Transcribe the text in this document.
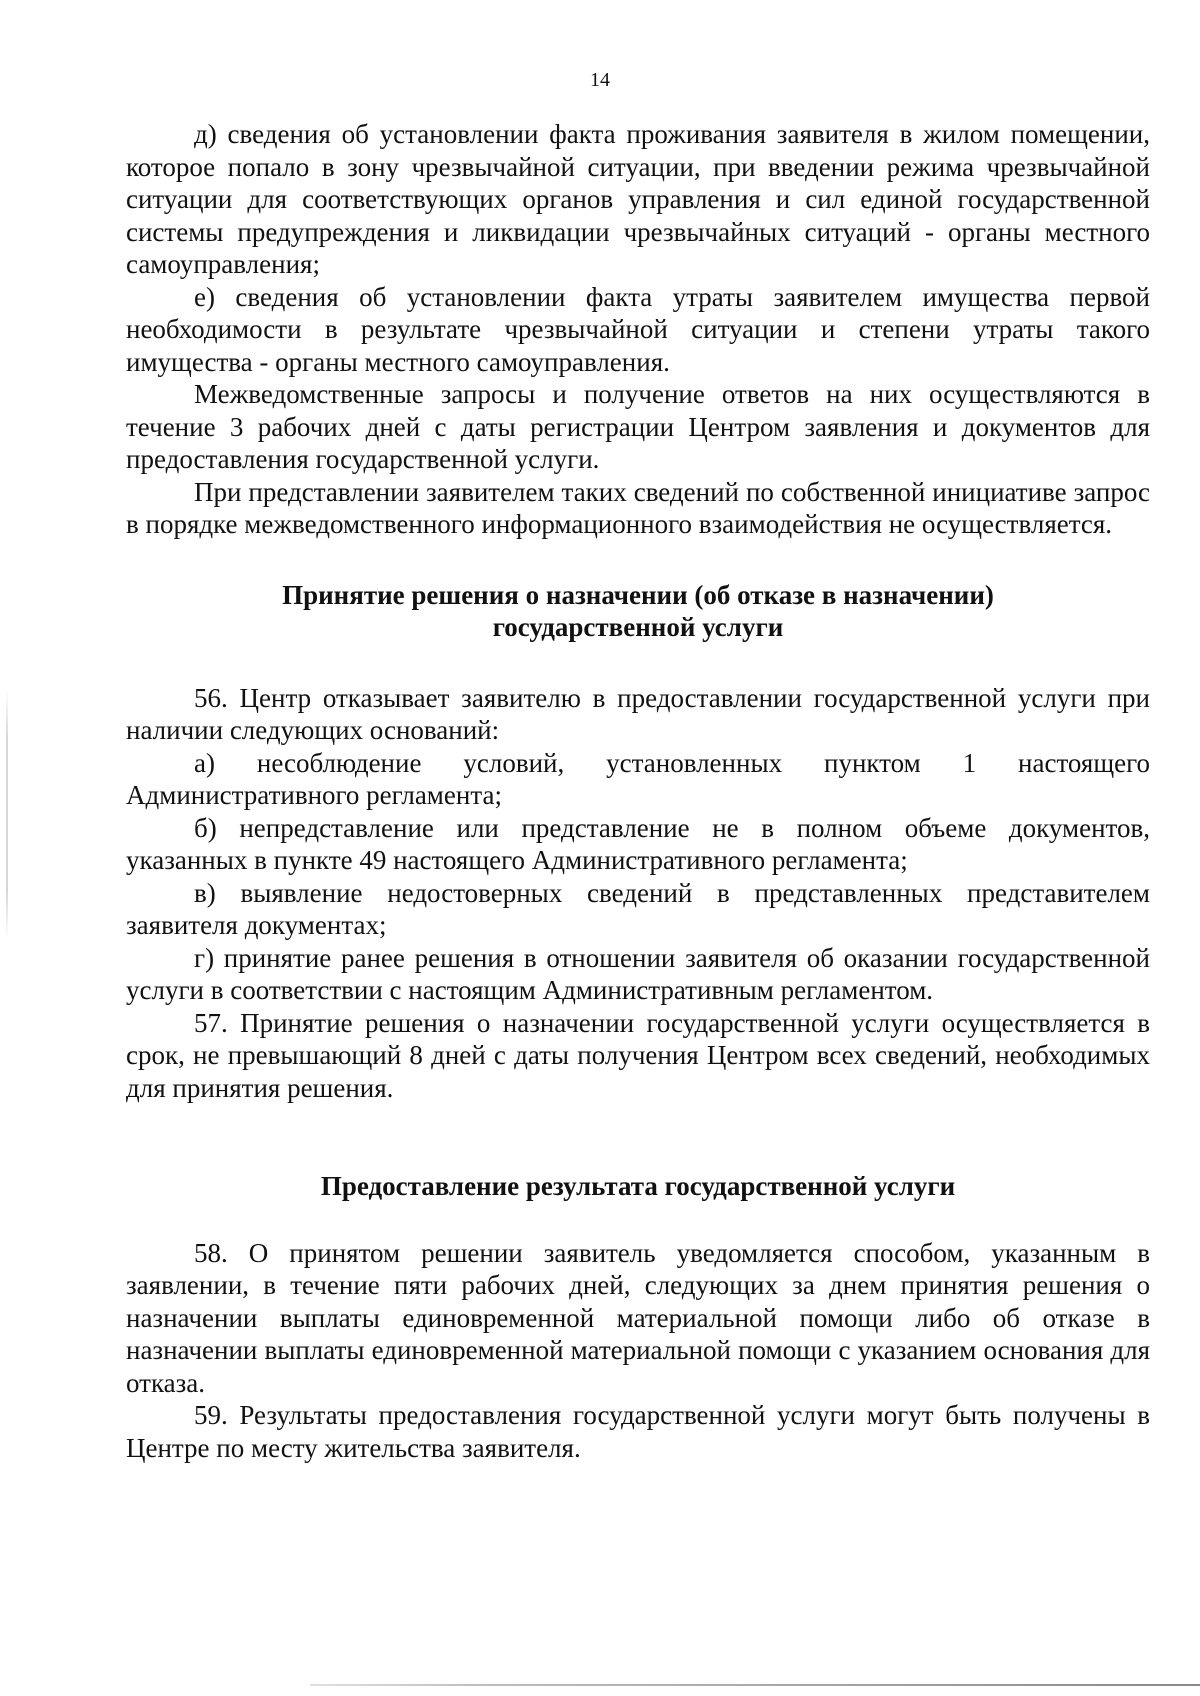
14

д) сведения об установлении факта проживания заявителя в жилом помещении, которое попало в зону чрезвычайной ситуации, при введении режима чрезвычайной ситуации для соответствующих органов управления и сил единой государственной системы предупреждения и ликвидации чрезвычайных ситуаций - органы местного самоуправления;

е) сведения об установлении факта утраты заявителем имущества первой необходимости в результате чрезвычайной ситуации и степени утраты такого имущества - органы местного самоуправления.

Межведомственные запросы и получение ответов на них осуществляются в течение 3 рабочих дней с даты регистрации Центром заявления и документов для предоставления государственной услуги.

При представлении заявителем таких сведений по собственной инициативе запрос в порядке межведомственного информационного взаимодействия не осуществляется.

Принятие решения о назначении (об отказе в назначении)
государственной услуги

56. Центр отказывает заявителю в предоставлении государственной услуги при наличии следующих оснований:

а) несоблюдение условий, установленных пунктом 1 настоящего Административного регламента;

б) непредставление или представление не в полном объеме документов, указанных в пункте 49 настоящего Административного регламента;

в) выявление недостоверных сведений в представленных представителем заявителя документах;

г) принятие ранее решения в отношении заявителя об оказании государственной услуги в соответствии с настоящим Административным регламентом.

57. Принятие решения о назначении государственной услуги осуществляется в срок, не превышающий 8 дней с даты получения Центром всех сведений, необходимых для принятия решения.

Предоставление результата государственной услуги

58. О принятом решении заявитель уведомляется способом, указанным в заявлении, в течение пяти рабочих дней, следующих за днем принятия решения о назначении выплаты единовременной материальной помощи либо об отказе в назначении выплаты единовременной материальной помощи с указанием основания для отказа.

59. Результаты предоставления государственной услуги могут быть получены в Центре по месту жительства заявителя.
